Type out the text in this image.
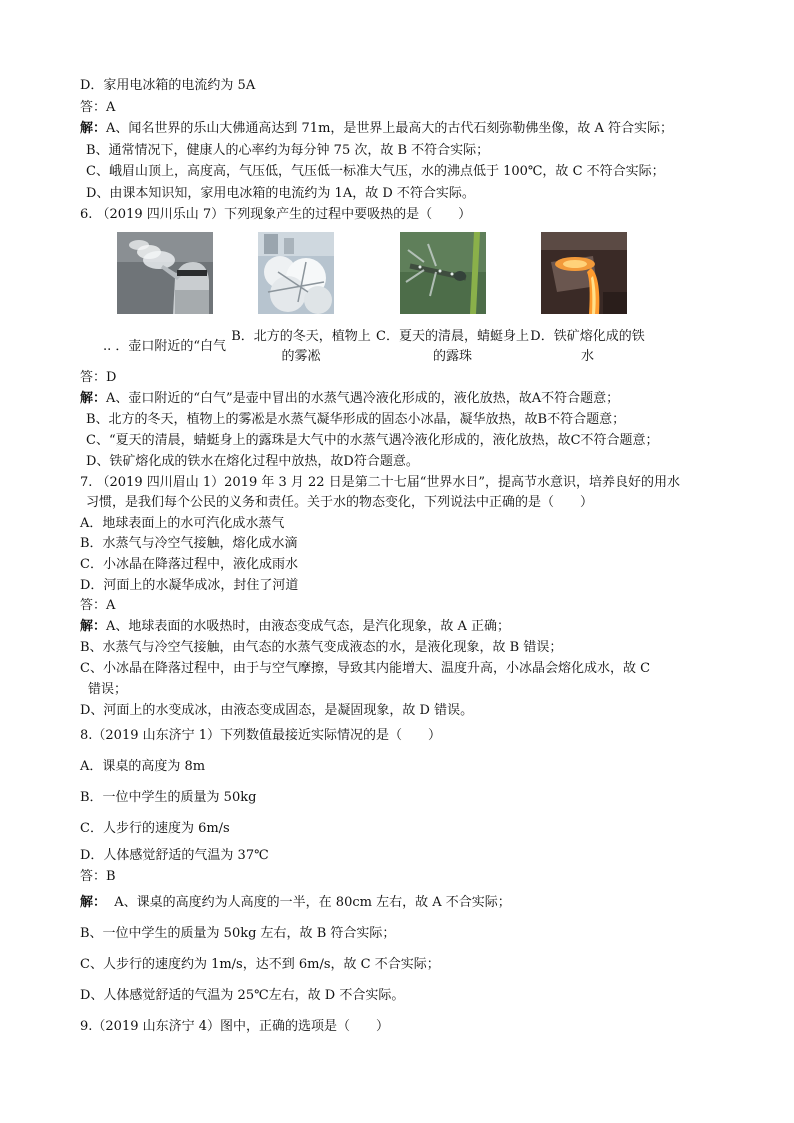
D．家用电冰箱的电流约为 5A
答：A
解：A、闻名世界的乐山大佛通高达到 71m，是世界上最高大的古代石刻弥勒佛坐像，故 A 符合实际；
B、通常情况下，健康人的心率约为每分钟 75 次，故 B 不符合实际；
C、峨眉山顶上，高度高，气压低，气压低一标准大气压，水的沸点低于 100℃，故 C 不符合实际；
D、由课本知识知，家用电冰箱的电流约为 1A，故 D 不符合实际。
6. （2019 四川乐山 7）下列现象产生的过程中要吸热的是（　　）
.. ．壶口附近的“白气
B．北方的冬天，植物上
的雾凇
C．夏天的清晨，蜻蜓身上
的露珠
D．铁矿熔化成的铁
水
答：D
解：A、壶口附近的“白气”是壶中冒出的水蒸气遇冷液化形成的，液化放热，故A不符合题意；
B、北方的冬天，植物上的雾凇是水蒸气凝华形成的固态小冰晶，凝华放热，故B不符合题意；
C、“夏天的清晨，蜻蜓身上的露珠是大气中的水蒸气遇冷液化形成的，液化放热，故C不符合题意；
D、铁矿熔化成的铁水在熔化过程中放热，故D符合题意。
7. （2019 四川眉山 1）2019 年 3 月 22 日是第二十七届“世界水日”，提高节水意识，培养良好的用水
习惯，是我们每个公民的义务和责任。关于水的物态变化，下列说法中正确的是（　　）
A．地球表面上的水可汽化成水蒸气
B．水蒸气与冷空气接触，熔化成水滴
C．小冰晶在降落过程中，液化成雨水
D．河面上的水凝华成冰，封住了河道
答：A
解：A、地球表面的水吸热时，由液态变成气态，是汽化现象，故 A 正确；
B、水蒸气与冷空气接触，由气态的水蒸气变成液态的水，是液化现象，故 B 错误；
C、小冰晶在降落过程中，由于与空气摩擦，导致其内能增大、温度升高，小冰晶会熔化成水，故 C
错误；
D、河面上的水变成冰，由液态变成固态，是凝固现象，故 D 错误。
8.（2019 山东济宁 1）下列数值最接近实际情况的是（　　）
A．课桌的高度为 8m
B．一位中学生的质量为 50kg
C．人步行的速度为 6m/s
D．人体感觉舒适的气温为 37℃
答：B
解： A、课桌的高度约为人高度的一半，在 80cm 左右，故 A 不合实际；
B、一位中学生的质量为 50kg 左右，故 B 符合实际；
C、人步行的速度约为 1m/s，达不到 6m/s，故 C 不合实际；
D、人体感觉舒适的气温为 25℃左右，故 D 不合实际。
9.（2019 山东济宁 4）图中，正确的选项是（　　）
